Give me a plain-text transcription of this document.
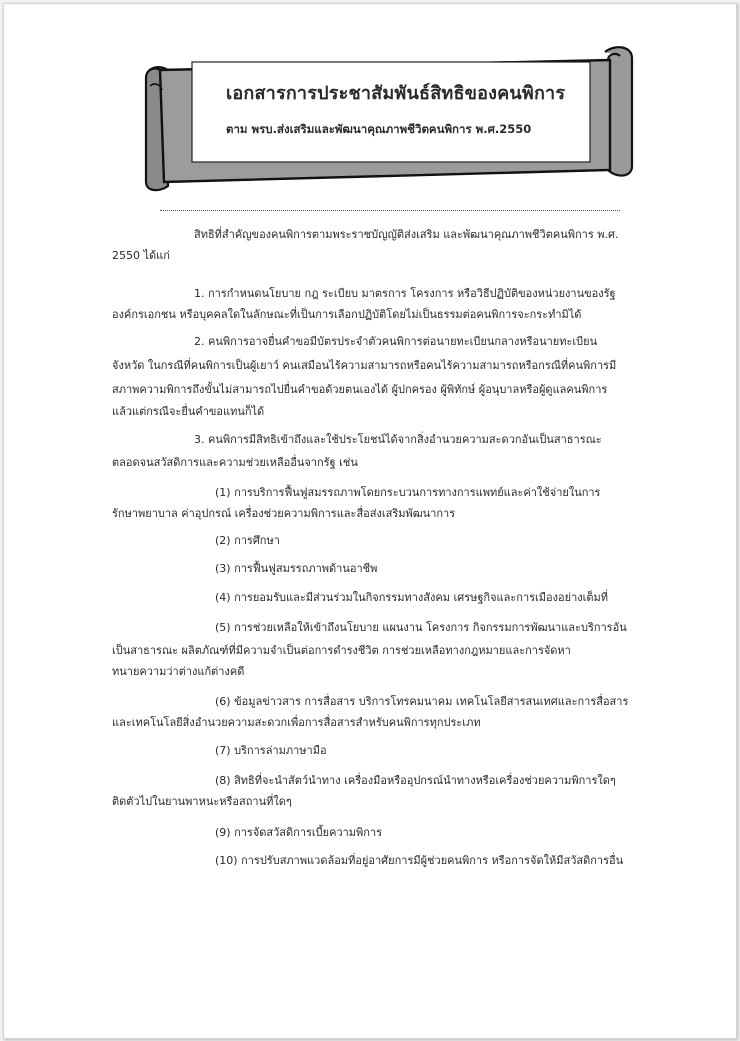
เอกสารการประชาสัมพันธ์สิทธิของคนพิการ
ตาม พรบ.ส่งเสริมและพัฒนาคุณภาพชีวิตคนพิการ พ.ศ.2550
สิทธิที่สำคัญของคนพิการตามพระราชบัญญัติส่งเสริม และพัฒนาคุณภาพชีวิตคนพิการ พ.ศ.
2550 ได้แก่
1. การกำหนดนโยบาย กฎ ระเบียบ มาตรการ โครงการ หรือวิธีปฏิบัติของหน่วยงานของรัฐ
องค์กรเอกชน หรือบุคคลใดในลักษณะที่เป็นการเลือกปฏิบัติโดยไม่เป็นธรรมต่อคนพิการจะกระทำมิได้
2. คนพิการอาจยื่นคำขอมีบัตรประจำตัวคนพิการต่อนายทะเบียนกลางหรือนายทะเบียน
จังหวัด ในกรณีที่คนพิการเป็นผู้เยาว์ คนเสมือนไร้ความสามารถหรือคนไร้ความสามารถหรือกรณีที่คนพิการมี
สภาพความพิการถึงขั้นไม่สามารถไปยื่นคำขอด้วยตนเองได้ ผู้ปกครอง ผู้พิทักษ์ ผู้อนุบาลหรือผู้ดูแลคนพิการ
แล้วแต่กรณีจะยื่นคำขอแทนก็ได้
3. คนพิการมีสิทธิเข้าถึงและใช้ประโยชน์ได้จากสิ่งอำนวยความสะดวกอันเป็นสาธารณะ
ตลอดจนสวัสดิการและความช่วยเหลืออื่นจากรัฐ เช่น
(1) การบริการฟื้นฟูสมรรถภาพโดยกระบวนการทางการแพทย์และค่าใช้จ่ายในการ
รักษาพยาบาล ค่าอุปกรณ์ เครื่องช่วยความพิการและสื่อส่งเสริมพัฒนาการ
(2) การศึกษา
(3) การฟื้นฟูสมรรถภาพด้านอาชีพ
(4) การยอมรับและมีส่วนร่วมในกิจกรรมทางสังคม เศรษฐกิจและการเมืองอย่างเต็มที่
(5) การช่วยเหลือให้เข้าถึงนโยบาย แผนงาน โครงการ กิจกรรมการพัฒนาและบริการอัน
เป็นสาธารณะ ผลิตภัณฑ์ที่มีความจำเป็นต่อการดำรงชีวิต การช่วยเหลือทางกฎหมายและการจัดหา
ทนายความว่าต่างแก้ต่างคดี
(6) ข้อมูลข่าวสาร การสื่อสาร บริการโทรคมนาคม เทคโนโลยีสารสนเทศและการสื่อสาร
และเทคโนโลยีสิ่งอำนวยความสะดวกเพื่อการสื่อสารสำหรับคนพิการทุกประเภท
(7) บริการล่ามภาษามือ
(8) สิทธิที่จะนำสัตว์นำทาง เครื่องมือหรืออุปกรณ์นำทางหรือเครื่องช่วยความพิการใดๆ
ติดตัวไปในยานพาหนะหรือสถานที่ใดๆ
(9) การจัดสวัสดิการเบี้ยความพิการ
(10) การปรับสภาพแวดล้อมที่อยู่อาศัยการมีผู้ช่วยคนพิการ หรือการจัดให้มีสวัสดิการอื่น
